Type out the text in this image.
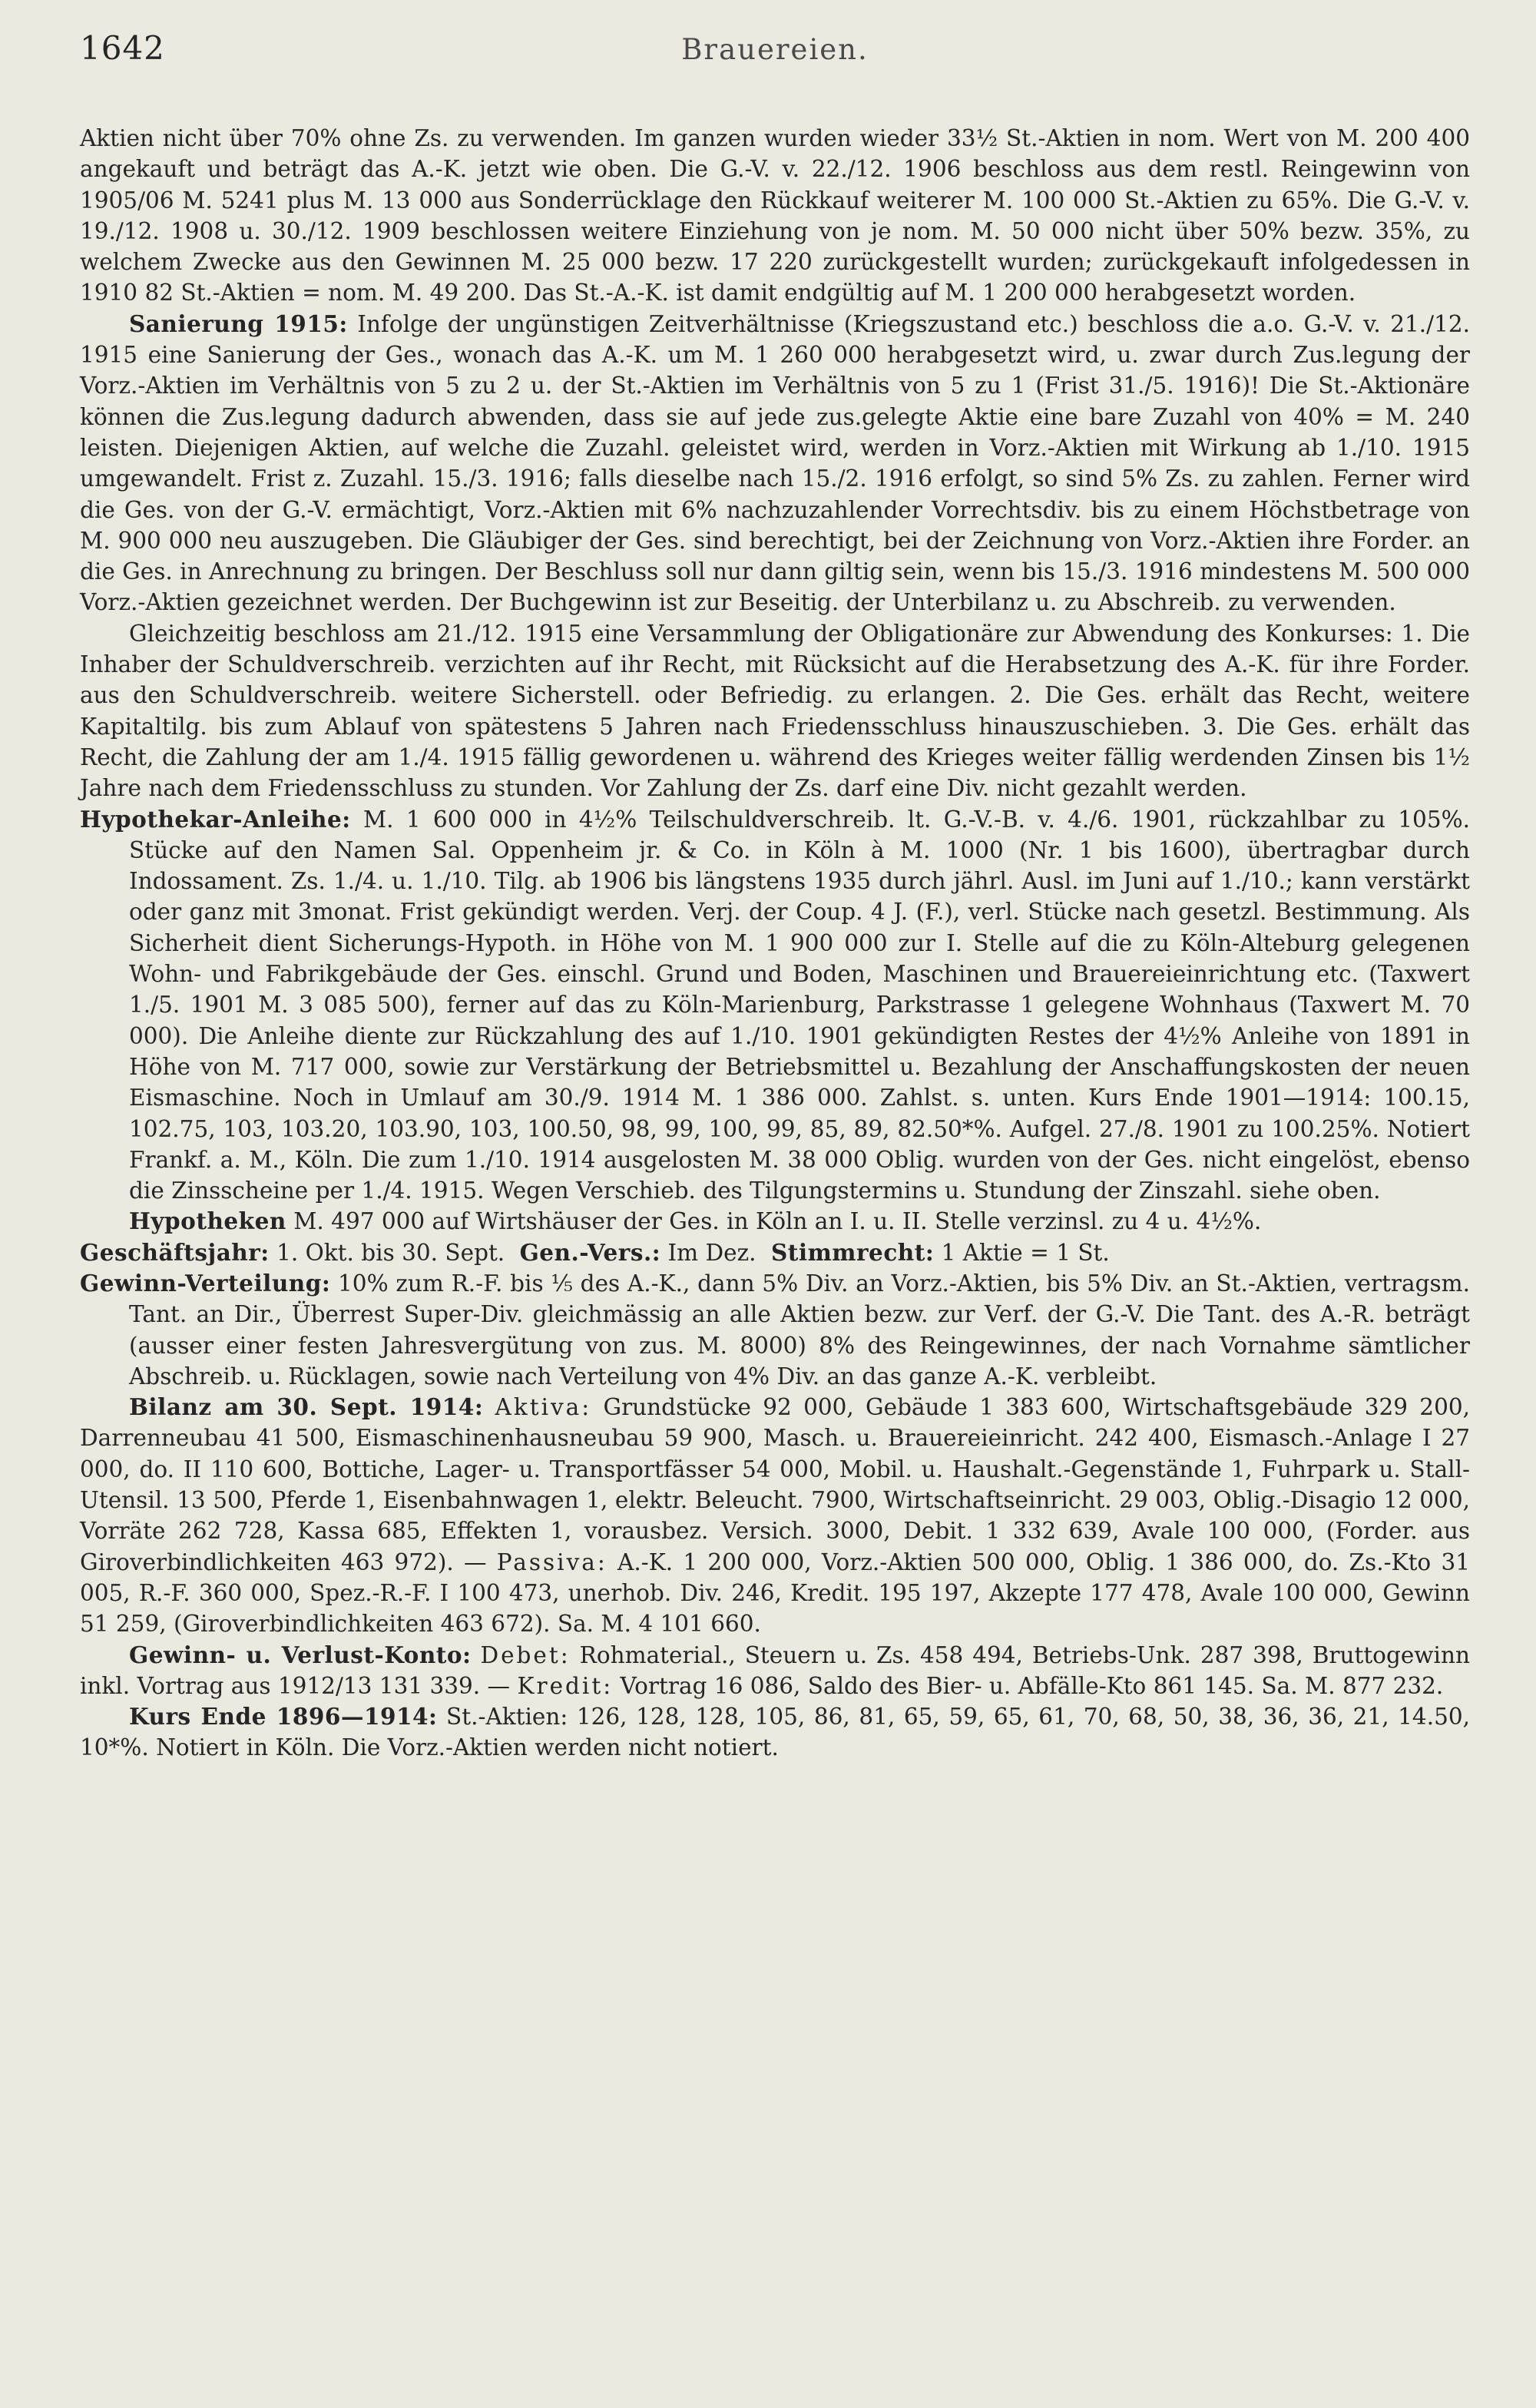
1642	Brauereien.

Aktien nicht über 70% ohne Zs. zu verwenden. Im ganzen wurden wieder 33½ St.-Aktien in nom. Wert von M. 200 400 angekauft und beträgt das A.-K. jetzt wie oben. Die G.-V. v. 22./12. 1906 beschloss aus dem restl. Reingewinn von 1905/06 M. 5241 plus M. 13 000 aus Sonderrücklage den Rückkauf weiterer M. 100 000 St.-Aktien zu 65%. Die G.-V. v. 19./12. 1908 u. 30./12. 1909 beschlossen weitere Einziehung von je nom. M. 50 000 nicht über 50% bezw. 35%, zu welchem Zwecke aus den Gewinnen M. 25 000 bezw. 17 220 zurückgestellt wurden; zurückgekauft infolgedessen in 1910 82 St.-Aktien = nom. M. 49 200. Das St.-A.-K. ist damit endgültig auf M. 1 200 000 herabgesetzt worden.

Sanierung 1915: Infolge der ungünstigen Zeitverhältnisse (Kriegszustand etc.) beschloss die a.o. G.-V. v. 21./12. 1915 eine Sanierung der Ges., wonach das A.-K. um M. 1 260 000 herabgesetzt wird, u. zwar durch Zus.legung der Vorz.-Aktien im Verhältnis von 5 zu 2 u. der St.-Aktien im Verhältnis von 5 zu 1 (Frist 31./5. 1916)! Die St.-Aktionäre können die Zus.legung dadurch abwenden, dass sie auf jede zus.gelegte Aktie eine bare Zuzahl von 40% = M. 240 leisten. Diejenigen Aktien, auf welche die Zuzahl. geleistet wird, werden in Vorz.-Aktien mit Wirkung ab 1./10. 1915 umgewandelt. Frist z. Zuzahl. 15./3. 1916; falls dieselbe nach 15./2. 1916 erfolgt, so sind 5% Zs. zu zahlen. Ferner wird die Ges. von der G.-V. ermächtigt, Vorz.-Aktien mit 6% nachzuzahlender Vorrechtsdiv. bis zu einem Höchstbetrage von M. 900 000 neu auszugeben. Die Gläubiger der Ges. sind berechtigt, bei der Zeichnung von Vorz.-Aktien ihre Forder. an die Ges. in Anrechnung zu bringen. Der Beschluss soll nur dann giltig sein, wenn bis 15./3. 1916 mindestens M. 500 000 Vorz.-Aktien gezeichnet werden. Der Buchgewinn ist zur Beseitig. der Unterbilanz u. zu Abschreib. zu verwenden.

Gleichzeitig beschloss am 21./12. 1915 eine Versammlung der Obligationäre zur Abwendung des Konkurses: 1. Die Inhaber der Schuldverschreib. verzichten auf ihr Recht, mit Rücksicht auf die Herabsetzung des A.-K. für ihre Forder. aus den Schuldverschreib. weitere Sicherstell. oder Befriedig. zu erlangen. 2. Die Ges. erhält das Recht, weitere Kapitaltilg. bis zum Ablauf von spätestens 5 Jahren nach Friedensschluss hinauszuschieben. 3. Die Ges. erhält das Recht, die Zahlung der am 1./4. 1915 fällig gewordenen u. während des Krieges weiter fällig werdenden Zinsen bis 1½ Jahre nach dem Friedensschluss zu stunden. Vor Zahlung der Zs. darf eine Div. nicht gezahlt werden.

Hypothekar-Anleihe: M. 1 600 000 in 4½% Teilschuldverschreib. lt. G.-V.-B. v. 4./6. 1901, rückzahlbar zu 105%. Stücke auf den Namen Sal. Oppenheim jr. & Co. in Köln à M. 1000 (Nr. 1 bis 1600), übertragbar durch Indossament. Zs. 1./4. u. 1./10. Tilg. ab 1906 bis längstens 1935 durch jährl. Ausl. im Juni auf 1./10.; kann verstärkt oder ganz mit 3monat. Frist gekündigt werden. Verj. der Coup. 4 J. (F.), verl. Stücke nach gesetzl. Bestimmung. Als Sicherheit dient Sicherungs-Hypoth. in Höhe von M. 1 900 000 zur I. Stelle auf die zu Köln-Alteburg gelegenen Wohn- und Fabrikgebäude der Ges. einschl. Grund und Boden, Maschinen und Brauereieinrichtung etc. (Taxwert 1./5. 1901 M. 3 085 500), ferner auf das zu Köln-Marienburg, Parkstrasse 1 gelegene Wohnhaus (Taxwert M. 70 000). Die Anleihe diente zur Rückzahlung des auf 1./10. 1901 gekündigten Restes der 4½% Anleihe von 1891 in Höhe von M. 717 000, sowie zur Verstärkung der Betriebsmittel u. Bezahlung der Anschaffungskosten der neuen Eismaschine. Noch in Umlauf am 30./9. 1914 M. 1 386 000. Zahlst. s. unten. Kurs Ende 1901—1914: 100.15, 102.75, 103, 103.20, 103.90, 103, 100.50, 98, 99, 100, 99, 85, 89, 82.50*%. Aufgel. 27./8. 1901 zu 100.25%. Notiert Frankf. a. M., Köln. Die zum 1./10. 1914 ausgelosten M. 38 000 Oblig. wurden von der Ges. nicht eingelöst, ebenso die Zinsscheine per 1./4. 1915. Wegen Verschieb. des Tilgungstermins u. Stundung der Zinszahl. siehe oben.

Hypotheken M. 497 000 auf Wirtshäuser der Ges. in Köln an I. u. II. Stelle verzinsl. zu 4 u. 4½%.

Geschäftsjahr: 1. Okt. bis 30. Sept. Gen.-Vers.: Im Dez. Stimmrecht: 1 Aktie = 1 St.

Gewinn-Verteilung: 10% zum R.-F. bis ⅕ des A.-K., dann 5% Div. an Vorz.-Aktien, bis 5% Div. an St.-Aktien, vertragsm. Tant. an Dir., Überrest Super-Div. gleichmässig an alle Aktien bezw. zur Verf. der G.-V. Die Tant. des A.-R. beträgt (ausser einer festen Jahresvergütung von zus. M. 8000) 8% des Reingewinnes, der nach Vornahme sämtlicher Abschreib. u. Rücklagen, sowie nach Verteilung von 4% Div. an das ganze A.-K. verbleibt.

Bilanz am 30. Sept. 1914: Aktiva: Grundstücke 92 000, Gebäude 1 383 600, Wirtschaftsgebäude 329 200, Darrenneubau 41 500, Eismaschinenhausneubau 59 900, Masch. u. Brauereieinricht. 242 400, Eismasch.-Anlage I 27 000, do. II 110 600, Bottiche, Lager- u. Transportfässer 54 000, Mobil. u. Haushalt.-Gegenstände 1, Fuhrpark u. Stall-Utensil. 13 500, Pferde 1, Eisenbahnwagen 1, elektr. Beleucht. 7900, Wirtschaftseinricht. 29 003, Oblig.-Disagio 12 000, Vorräte 262 728, Kassa 685, Effekten 1, vorausbez. Versich. 3000, Debit. 1 332 639, Avale 100 000, (Forder. aus Giroverbindlichkeiten 463 972). — Passiva: A.-K. 1 200 000, Vorz.-Aktien 500 000, Oblig. 1 386 000, do. Zs.-Kto 31 005, R.-F. 360 000, Spez.-R.-F. I 100 473, unerhob. Div. 246, Kredit. 195 197, Akzepte 177 478, Avale 100 000, Gewinn 51 259, (Giroverbindlichkeiten 463 672). Sa. M. 4 101 660.

Gewinn- u. Verlust-Konto: Debet: Rohmaterial., Steuern u. Zs. 458 494, Betriebs-Unk. 287 398, Bruttogewinn inkl. Vortrag aus 1912/13 131 339. — Kredit: Vortrag 16 086, Saldo des Bier- u. Abfälle-Kto 861 145. Sa. M. 877 232.

Kurs Ende 1896—1914: St.-Aktien: 126, 128, 128, 105, 86, 81, 65, 59, 65, 61, 70, 68, 50, 38, 36, 36, 21, 14.50, 10*%. Notiert in Köln. Die Vorz.-Aktien werden nicht notiert.
